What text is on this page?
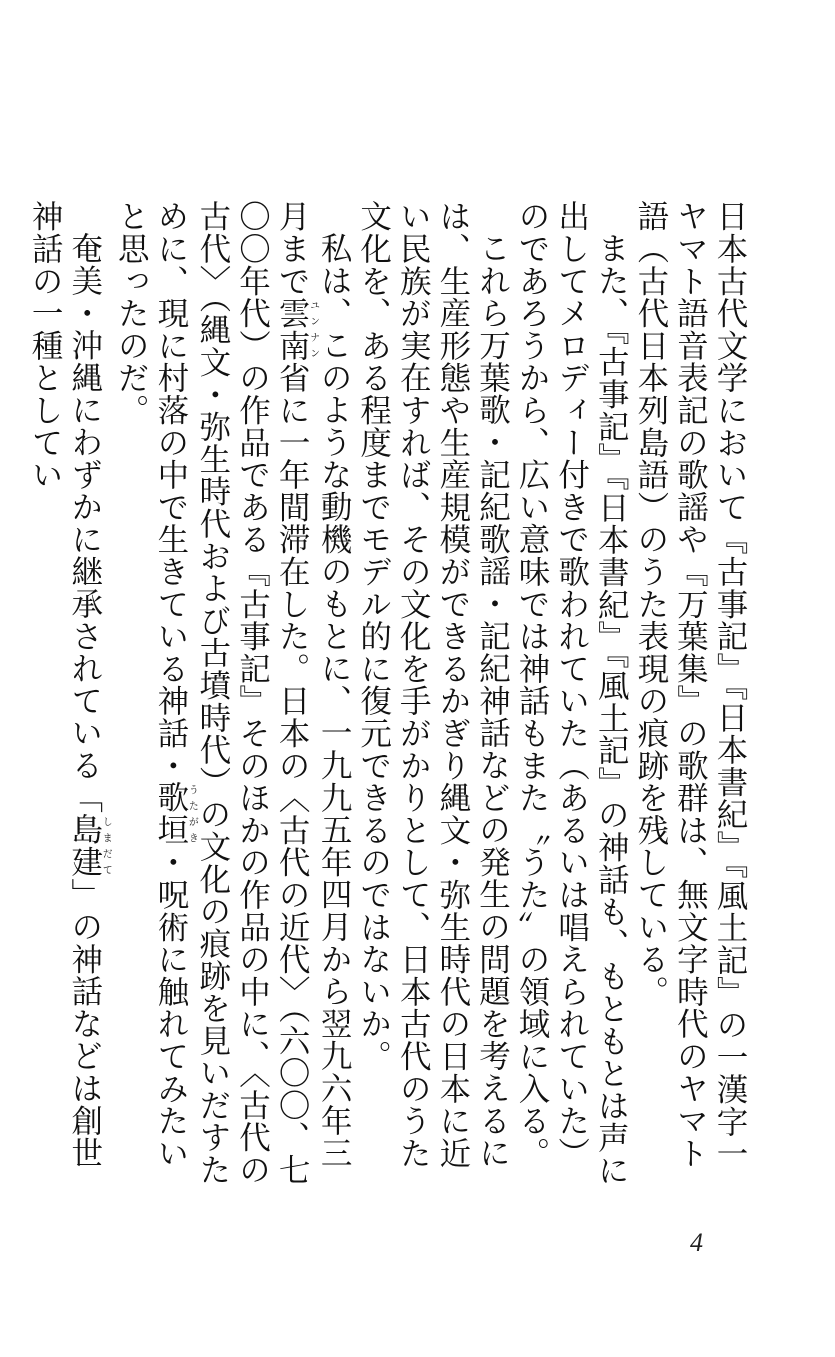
日本古代文学において『古事記』『日本書紀』『風土記』の一漢字一ヤマト語音表記の歌謡や『万葉集』の歌群は、無文字時代のヤマト語（古代日本列島語）のうた表現の痕跡を残している。

また、『古事記』『日本書紀』『風土記』の神話も、もともとは声に出してメロディー付きで歌われていた（あるいは唱えられていた）のであろうから、広い意味では神話もまた〝うた〟の領域に入る。

これら万葉歌・記紀歌謡・記紀神話などの発生の問題を考えるには、生産形態や生産規模ができるかぎり縄文・弥生時代の日本に近い民族が実在すれば、その文化を手がかりとして、日本古代のうた文化を、ある程度までモデル的に復元できるのではないか。

私は、このような動機のもとに、一九九五年四月から翌九六年三月まで雲南ユンナン省に一年間滞在した。日本の〈古代の近代〉（六〇〇、七〇〇年代）の作品である『古事記』そのほかの作品の中に、〈古代の古代〉（縄文・弥生時代および古墳時代）の文化の痕跡を見いだすために、現に村落の中で生きている神話・歌垣うたがき・呪術に触れてみたいと思ったのだ。

奄美・沖縄にわずかに継承されている「島建しまだて」の神話などは創世神話の一種としてい

4
